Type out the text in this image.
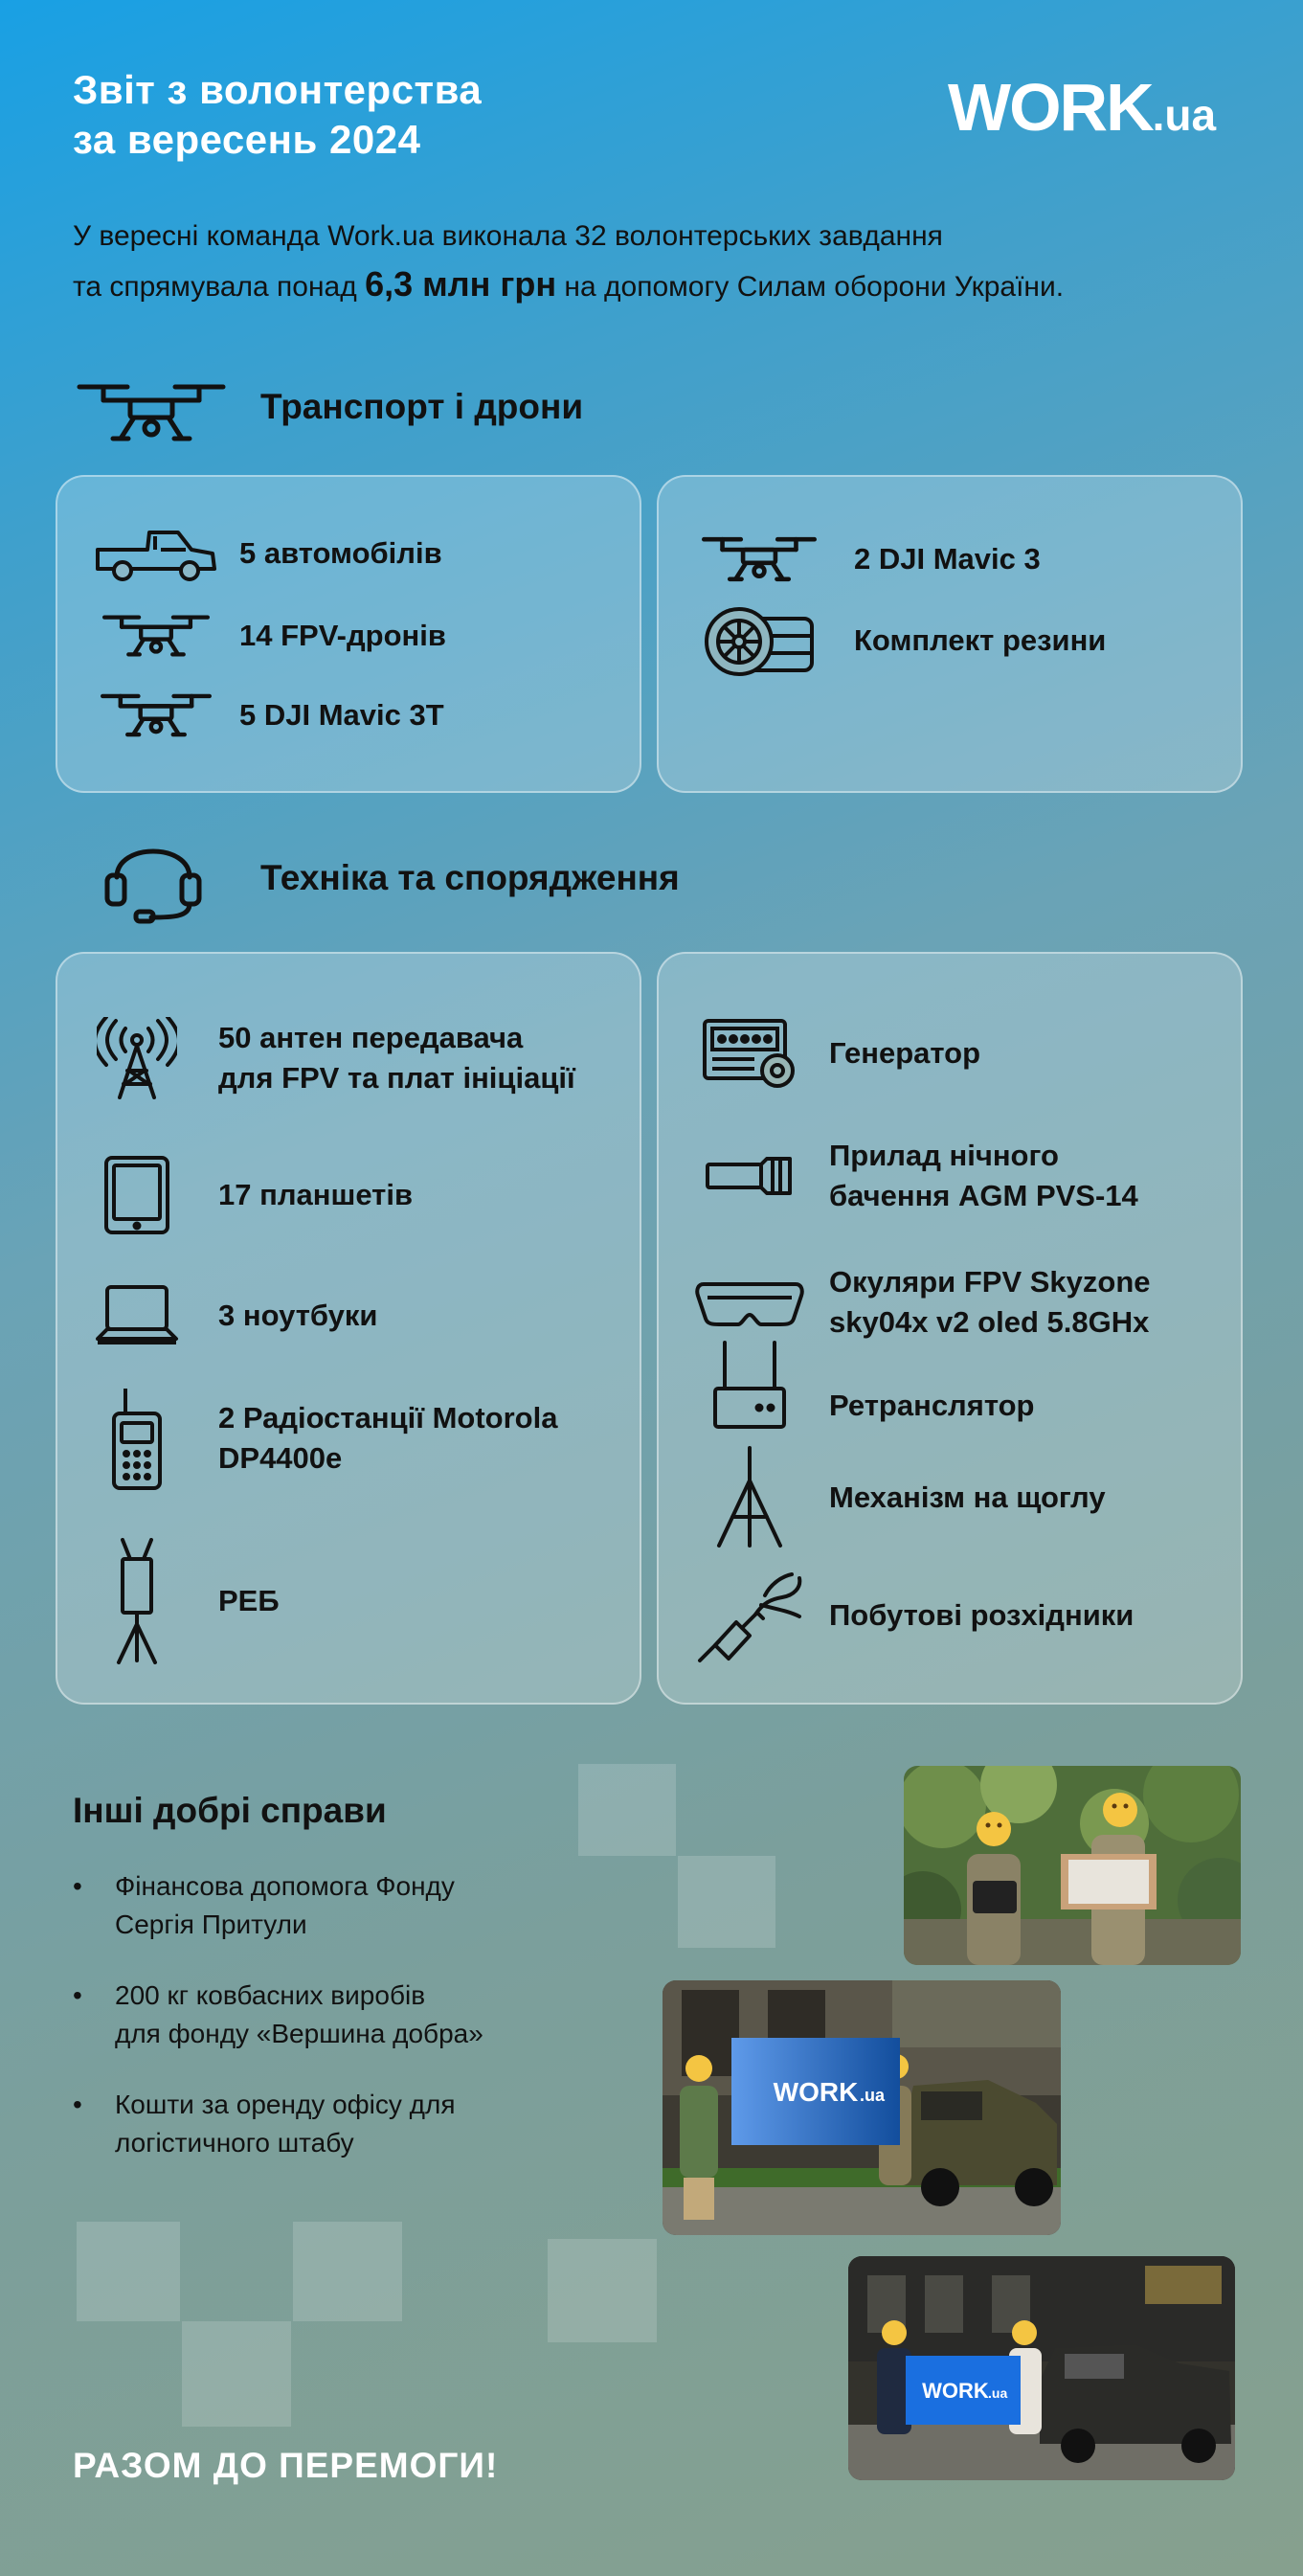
Звіт з волонтерства
за вересень 2024	WORK.ua
У вересні команда Work.ua виконала 32 волонтерських завдання
та спрямувала понад 6,3 млн грн на допомогу Силам оборони України.
Транспорт і дрони
5 автомобілів
14 FPV-дронів
5 DJI Mavic 3T
2 DJI Mavic 3
Комплект резини
Техніка та спорядження
50 антен передавача
для FPV та плат ініціації
17 планшетів
3 ноутбуки
2 Радіостанції Motorola
DP4400e
РЕБ
Генератор
Прилад нічного
бачення AGM PVS-14
Окуляри FPV Skyzone
sky04x v2 oled 5.8GHx
Ретранслятор
Механізм на щоглу
Побутові розхідники
Інші добрі справи
•	Фінансова допомога Фонду
Сергія Притули
•	200 кг ковбасних виробів
для фонду «Вершина добра»
•	Кошти за оренду офісу для
логістичного штабу
WORK .ua
WORK .ua
РАЗОМ ДО ПЕРЕМОГИ!
